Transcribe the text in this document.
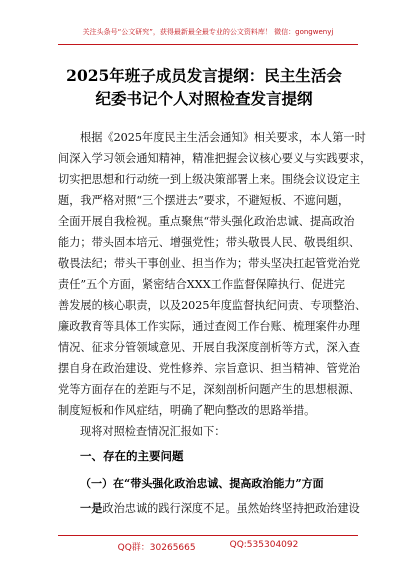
关注头条号“公文研究”，获得最新最全最专业的公文资料库！ 微信：gongwenyj
2025年班子成员发言提纲：民主生活会
纪委书记个人对照检查发言提纲
根据《2025年度民主生活会通知》相关要求，本人第一时
间深入学习领会通知精神，精准把握会议核心要义与实践要求，
切实把思想和行动统一到上级决策部署上来。围绕会议设定主
题，我严格对照“三个摆进去”要求，不避短板、不遮问题，
全面开展自我检视。重点聚焦“带头强化政治忠诚、提高政治
能力；带头固本培元、增强党性；带头敬畏人民、敬畏组织、
敬畏法纪；带头干事创业、担当作为；带头坚决扛起管党治党
责任”五个方面，紧密结合XXX工作监督保障执行、促进完
善发展的核心职责，以及2025年度监督执纪问责、专项整治、
廉政教育等具体工作实际，通过查阅工作台账、梳理案件办理
情况、征求分管领域意见、开展自我深度剖析等方式，深入查
摆自身在政治建设、党性修养、宗旨意识、担当精神、管党治
党等方面存在的差距与不足，深刻剖析问题产生的思想根源、
制度短板和作风症结，明确了靶向整改的思路举措。
现将对照检查情况汇报如下：
一、存在的主要问题
（一）在“带头强化政治忠诚、提高政治能力”方面
一是政治忠诚的践行深度不足。虽然始终坚持把政治建设
QQ群：30265665	QQ:535304092
